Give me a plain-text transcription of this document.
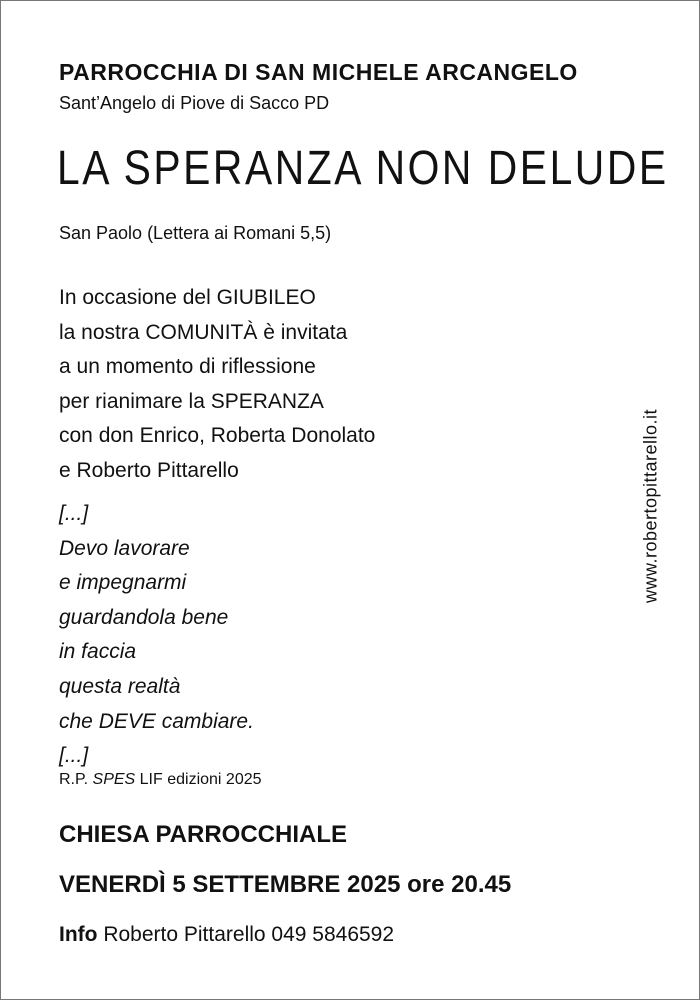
PARROCCHIA DI SAN MICHELE ARCANGELO
Sant’Angelo di Piove di Sacco PD
LA SPERANZA NON DELUDE
San Paolo (Lettera ai Romani 5,5)
In occasione del GIUBILEO
la nostra COMUNITÀ è invitata
a un momento di riflessione
per rianimare la SPERANZA
con don Enrico, Roberta Donolato
e Roberto Pittarello
[...]
Devo lavorare
e impegnarmi
guardandola bene
in faccia
questa realtà
che DEVE cambiare.
[...]
R.P. SPES LIF edizioni 2025
CHIESA PARROCCHIALE
VENERDÌ 5 SETTEMBRE 2025 ore 20.45
Info Roberto Pittarello 049 5846592
www.robertopittarello.it
